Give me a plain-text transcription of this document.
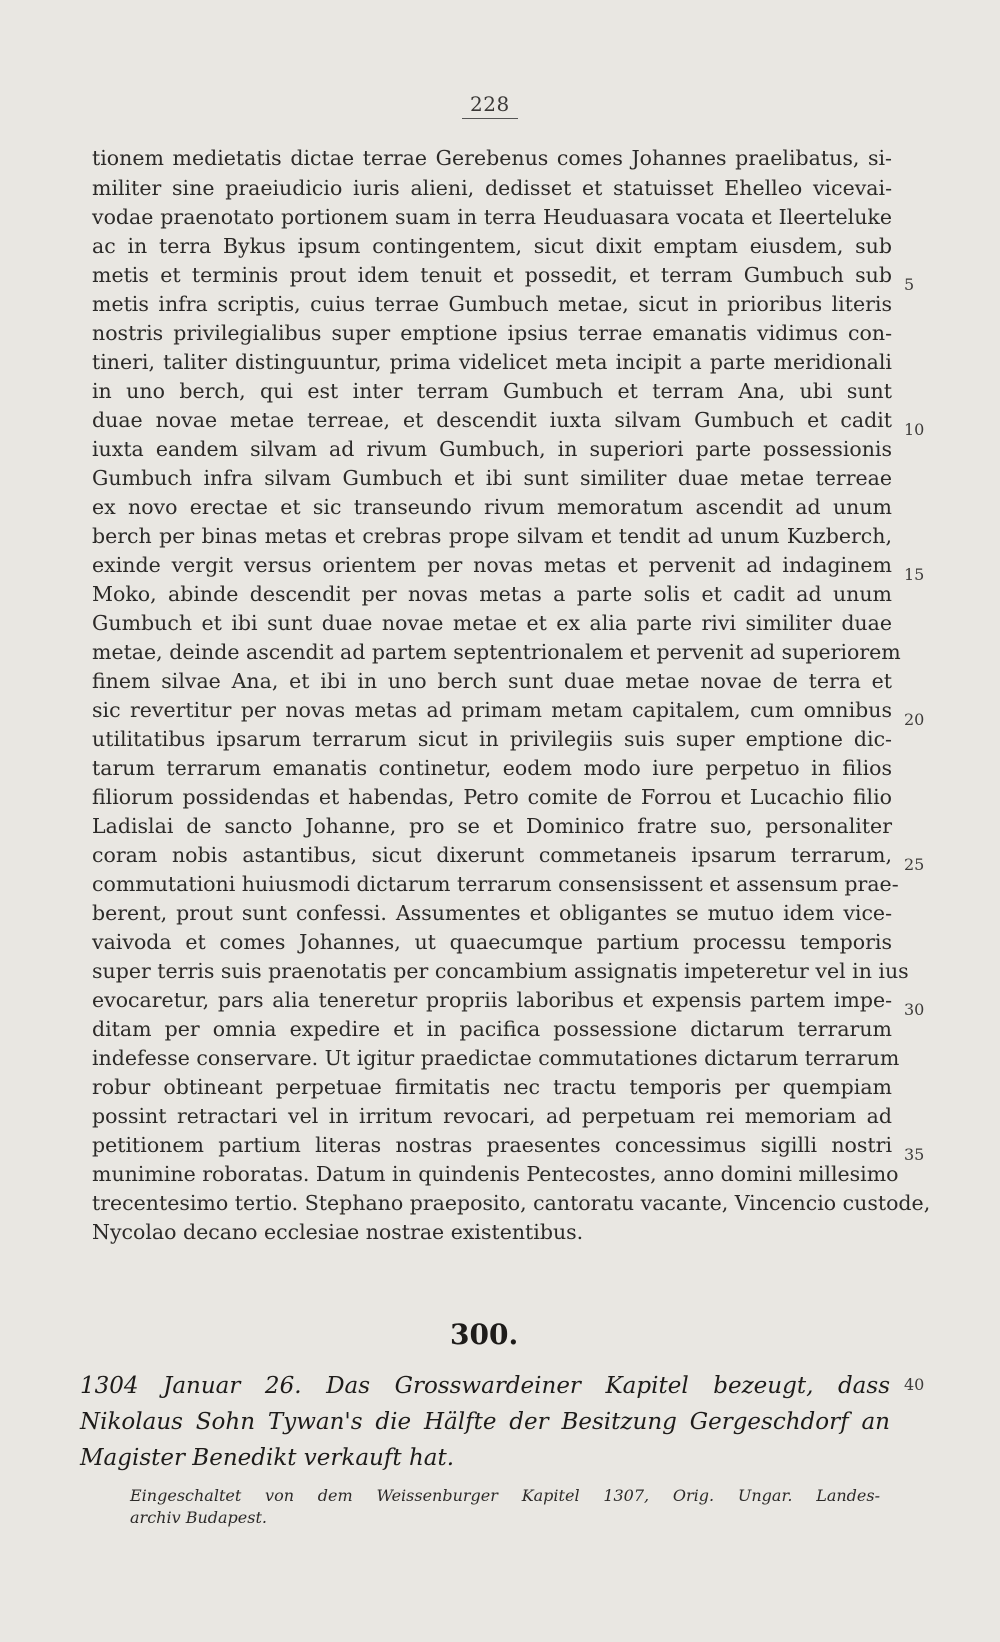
228
tionem medietatis dictae terrae Gerebenus comes Johannes praelibatus, si-
militer sine praeiudicio iuris alieni, dedisset et statuisset Ehelleo vicevai-
vodae praenotato portionem suam in terra Heuduasara vocata et Ileerteluke
ac in terra Bykus ipsum contingentem, sicut dixit emptam eiusdem, sub
metis et terminis prout idem tenuit et possedit, et terram Gumbuch sub
metis infra scriptis, cuius terrae Gumbuch metae, sicut in prioribus literis
nostris privilegialibus super emptione ipsius terrae emanatis vidimus con-
tineri, taliter distinguuntur, prima videlicet meta incipit a parte meridionali
in uno berch, qui est inter terram Gumbuch et terram Ana, ubi sunt
duae novae metae terreae, et descendit iuxta silvam Gumbuch et cadit
iuxta eandem silvam ad rivum Gumbuch, in superiori parte possessionis
Gumbuch infra silvam Gumbuch et ibi sunt similiter duae metae terreae
ex novo erectae et sic transeundo rivum memoratum ascendit ad unum
berch per binas metas et crebras prope silvam et tendit ad unum Kuzberch,
exinde vergit versus orientem per novas metas et pervenit ad indaginem
Moko, abinde descendit per novas metas a parte solis et cadit ad unum
Gumbuch et ibi sunt duae novae metae et ex alia parte rivi similiter duae
metae, deinde ascendit ad partem septentrionalem et pervenit ad superiorem
finem silvae Ana, et ibi in uno berch sunt duae metae novae de terra et
sic revertitur per novas metas ad primam metam capitalem, cum omnibus
utilitatibus ipsarum terrarum sicut in privilegiis suis super emptione dic-
tarum terrarum emanatis continetur, eodem modo iure perpetuo in filios
filiorum possidendas et habendas, Petro comite de Forrou et Lucachio filio
Ladislai de sancto Johanne, pro se et Dominico fratre suo, personaliter
coram nobis astantibus, sicut dixerunt commetaneis ipsarum terrarum,
commutationi huiusmodi dictarum terrarum consensissent et assensum prae-
berent, prout sunt confessi. Assumentes et obligantes se mutuo idem vice-
vaivoda et comes Johannes, ut quaecumque partium processu temporis
super terris suis praenotatis per concambium assignatis impeteretur vel in ius
evocaretur, pars alia teneretur propriis laboribus et expensis partem impe-
ditam per omnia expedire et in pacifica possessione dictarum terrarum
indefesse conservare. Ut igitur praedictae commutationes dictarum terrarum
robur obtineant perpetuae firmitatis nec tractu temporis per quempiam
possint retractari vel in irritum revocari, ad perpetuam rei memoriam ad
petitionem partium literas nostras praesentes concessimus sigilli nostri
munimine roboratas. Datum in quindenis Pentecostes, anno domini millesimo
trecentesimo tertio. Stephano praeposito, cantoratu vacante, Vincencio custode,
Nycolao decano ecclesiae nostrae existentibus.
5
10
15
20
25
30
35
40
300.
1304 Januar 26. Das Grosswardeiner Kapitel bezeugt, dass
Nikolaus Sohn Tywan's die Hälfte der Besitzung Gergeschdorf an
Magister Benedikt verkauft hat.
Eingeschaltet von dem Weissenburger Kapitel 1307, Orig. Ungar. Landes-
archiv Budapest.
